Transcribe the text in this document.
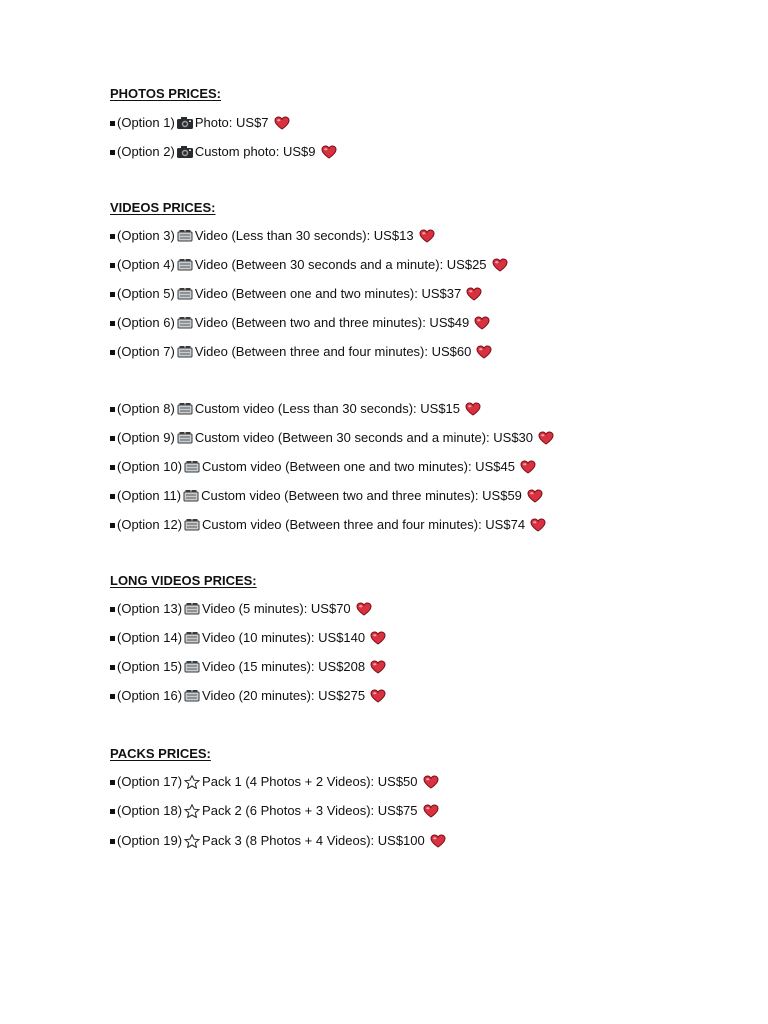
PHOTOS PRICES:
(Option 1) Photo: US$7
(Option 2) Custom photo: US$9
VIDEOS PRICES:
(Option 3) Video (Less than 30 seconds): US$13
(Option 4) Video (Between 30 seconds and a minute): US$25
(Option 5) Video (Between one and two minutes): US$37
(Option 6) Video (Between two and three minutes): US$49
(Option 7) Video (Between three and four minutes): US$60
(Option 8) Custom video (Less than 30 seconds): US$15
(Option 9) Custom video (Between 30 seconds and a minute): US$30
(Option 10) Custom video (Between one and two minutes): US$45
(Option 11) Custom video (Between two and three minutes): US$59
(Option 12) Custom video (Between three and four minutes): US$74
LONG VIDEOS PRICES:
(Option 13) Video (5 minutes): US$70
(Option 14) Video (10 minutes): US$140
(Option 15) Video (15 minutes): US$208
(Option 16) Video (20 minutes): US$275
PACKS PRICES:
(Option 17) Pack 1 (4 Photos + 2 Videos): US$50
(Option 18) Pack 2 (6 Photos + 3 Videos): US$75
(Option 19) Pack 3 (8 Photos + 4 Videos): US$100
